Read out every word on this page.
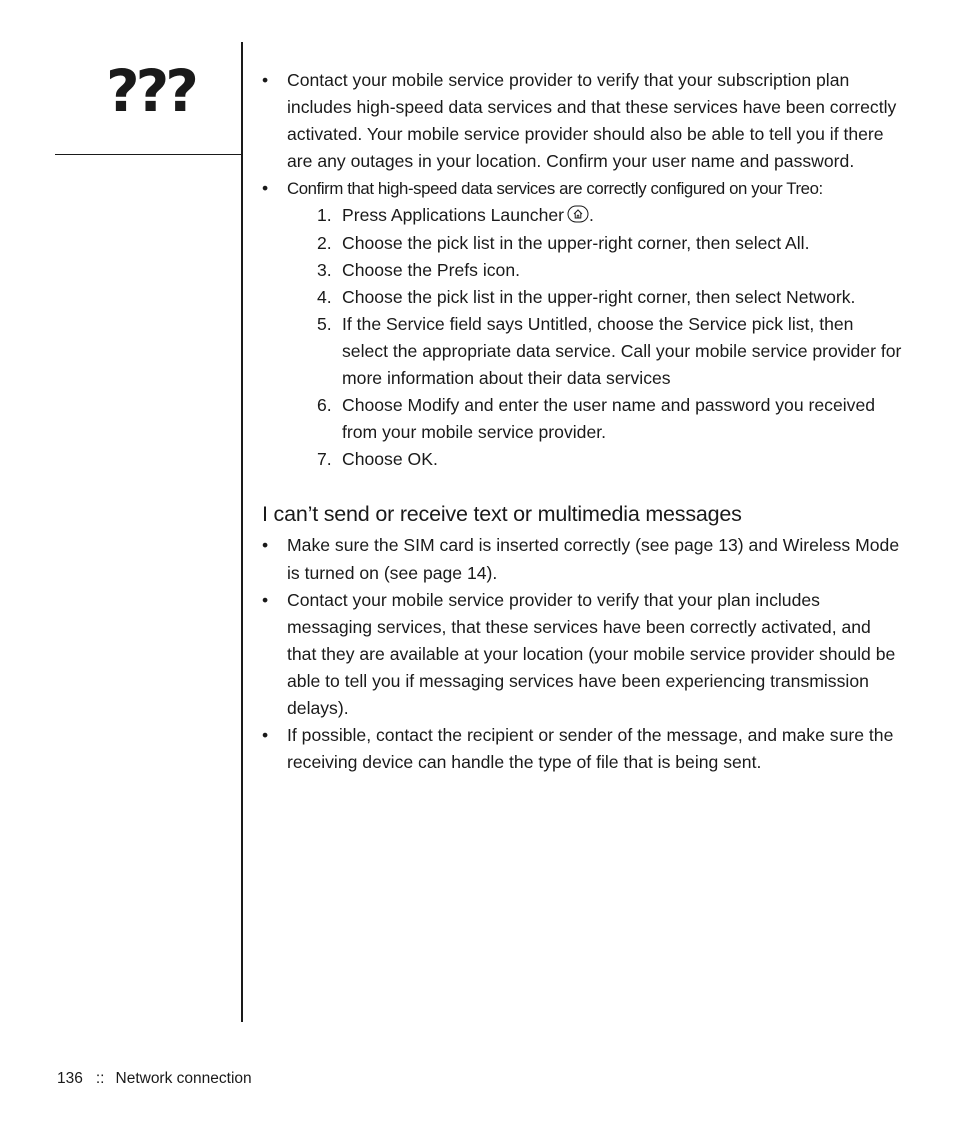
???
•	Contact your mobile service provider to verify that your subscription plan includes high-speed data services and that these services have been correctly activated. Your mobile service provider should also be able to tell you if there are any outages in your location. Confirm your user name and password.
• Confirm that high-speed data services are correctly configured on your Treo:
1. Press Applications Launcher .
2. Choose the pick list in the upper-right corner, then select All.
3. Choose the Prefs icon.
4. Choose the pick list in the upper-right corner, then select Network.
5. If the Service field says Untitled, choose the Service pick list, then select the appropriate data service. Call your mobile service provider for more information about their data services
6. Choose Modify and enter the user name and password you received from your mobile service provider.
7. Choose OK.
I can’t send or receive text or multimedia messages
• Make sure the SIM card is inserted correctly (see page 13) and Wireless Mode is turned on (see page 14).
• Contact your mobile service provider to verify that your plan includes messaging services, that these services have been correctly activated, and that they are available at your location (your mobile service provider should be able to tell you if messaging services have been experiencing transmission delays).
• If possible, contact the recipient or sender of the message, and make sure the receiving device can handle the type of file that is being sent.
136 :: Network connection
